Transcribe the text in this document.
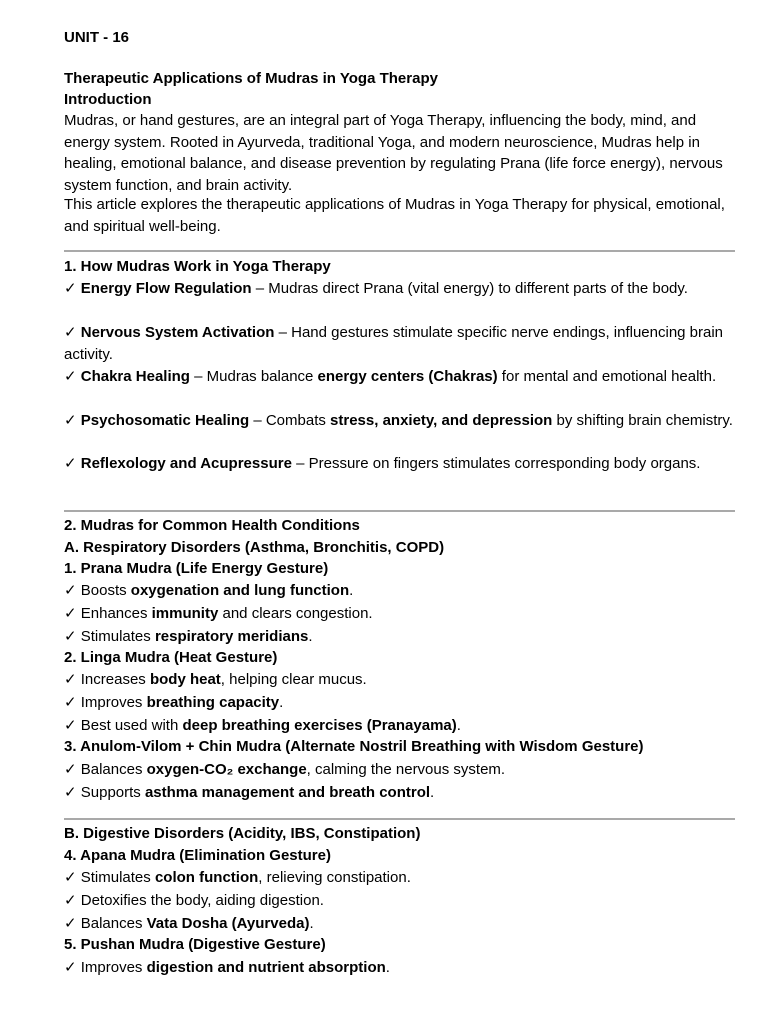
UNIT - 16

Therapeutic Applications of Mudras in Yoga Therapy

Introduction

Mudras, or hand gestures, are an integral part of Yoga Therapy, influencing the body, mind, and energy system. Rooted in Ayurveda, traditional Yoga, and modern neuroscience, Mudras help in healing, emotional balance, and disease prevention by regulating Prana (life force energy), nervous system function, and brain activity.

This article explores the therapeutic applications of Mudras in Yoga Therapy for physical, emotional, and spiritual well-being.

1. How Mudras Work in Yoga Therapy

✓ Energy Flow Regulation – Mudras direct Prana (vital energy) to different parts of the body.

✓ Nervous System Activation – Hand gestures stimulate specific nerve endings, influencing brain activity.

✓ Chakra Healing – Mudras balance energy centers (Chakras) for mental and emotional health.

✓ Psychosomatic Healing – Combats stress, anxiety, and depression by shifting brain chemistry.

✓ Reflexology and Acupressure – Pressure on fingers stimulates corresponding body organs.

2. Mudras for Common Health Conditions

A. Respiratory Disorders (Asthma, Bronchitis, COPD)

1. Prana Mudra (Life Energy Gesture)

✓ Boosts oxygenation and lung function.

✓ Enhances immunity and clears congestion.

✓ Stimulates respiratory meridians.

2. Linga Mudra (Heat Gesture)

✓ Increases body heat, helping clear mucus.

✓ Improves breathing capacity.

✓ Best used with deep breathing exercises (Pranayama).

3. Anulom-Vilom + Chin Mudra (Alternate Nostril Breathing with Wisdom Gesture)

✓ Balances oxygen-CO₂ exchange, calming the nervous system.

✓ Supports asthma management and breath control.

B. Digestive Disorders (Acidity, IBS, Constipation)

4. Apana Mudra (Elimination Gesture)

✓ Stimulates colon function, relieving constipation.

✓ Detoxifies the body, aiding digestion.

✓ Balances Vata Dosha (Ayurveda).

5. Pushan Mudra (Digestive Gesture)

✓ Improves digestion and nutrient absorption.
